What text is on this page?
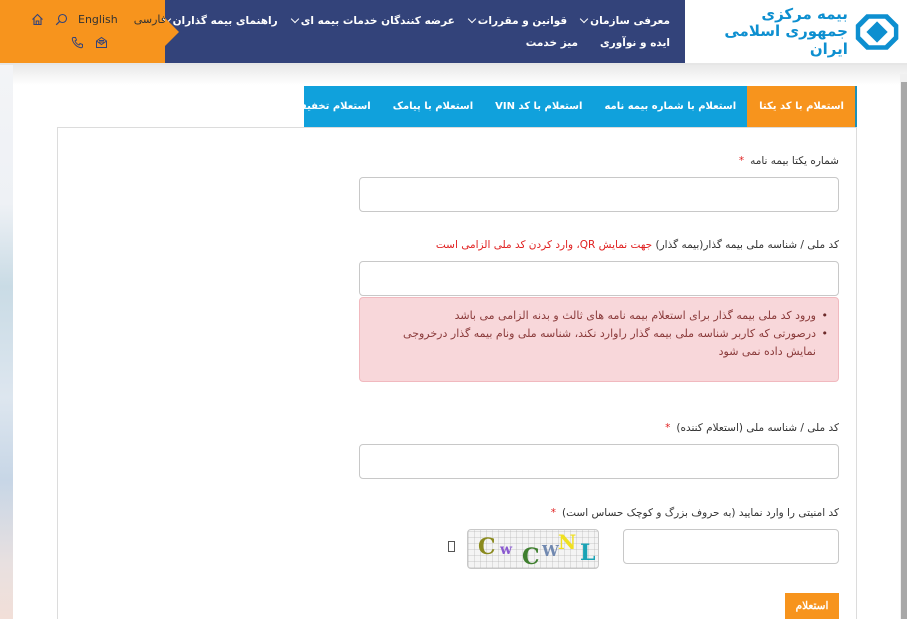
English فارسی	معرفی سازمان
قوانین و مقررات
عرضه کنندگان خدمات بیمه ای
راهنمای بیمه گذاران
ایده و نوآوری
میز خدمت
بیمه مرکزی
جمهوری اسلامی ایران
استعلام با کد یکتا
استعلام با شماره بیمه نامه
استعلام با کد VIN
استعلام با پیامک
استعلام تخفیفات ثالث
شماره یکتا بیمه نامه*
کد ملی / شناسه ملی بیمه گذار(بیمه گذار) جهت نمایش QR، وارد کردن کد ملی الزامی است
• ورود کد ملی بیمه گذار برای استعلام بیمه نامه های ثالث و بدنه الزامی می باشد
• درصورتی که کاربر شناسه ملی بیمه گذار راوارد نکند، شناسه ملی ونام بیمه گذار درخروجی نمایش داده نمی شود
کد ملی / شناسه ملی (استعلام کننده)*
کد امنیتی را وارد نمایید (به حروف بزرگ و کوچک حساس است)*
C w C W N L
استعلام
